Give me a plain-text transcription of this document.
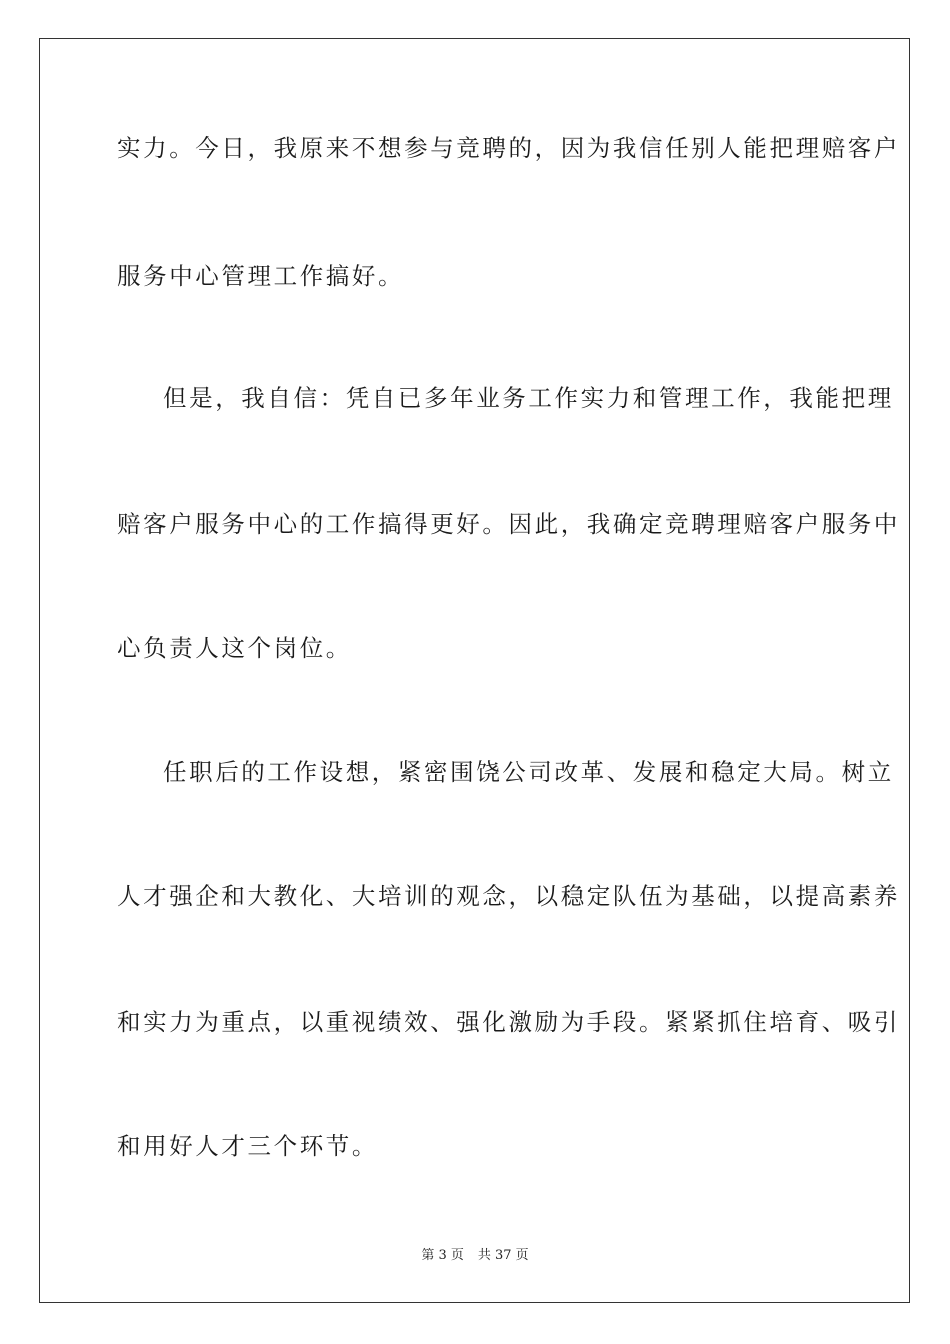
实力。今日，我原来不想参与竞聘的，因为我信任别人能把理赔客户
服务中心管理工作搞好。
但是，我自信：凭自已多年业务工作实力和管理工作，我能把理
赔客户服务中心的工作搞得更好。因此，我确定竞聘理赔客户服务中
心负责人这个岗位。
任职后的工作设想，紧密围饶公司改革、发展和稳定大局。树立
人才强企和大教化、大培训的观念，以稳定队伍为基础，以提高素养
和实力为重点，以重视绩效、强化激励为手段。紧紧抓住培育、吸引
和用好人才三个环节。
第 3 页 共 37 页
